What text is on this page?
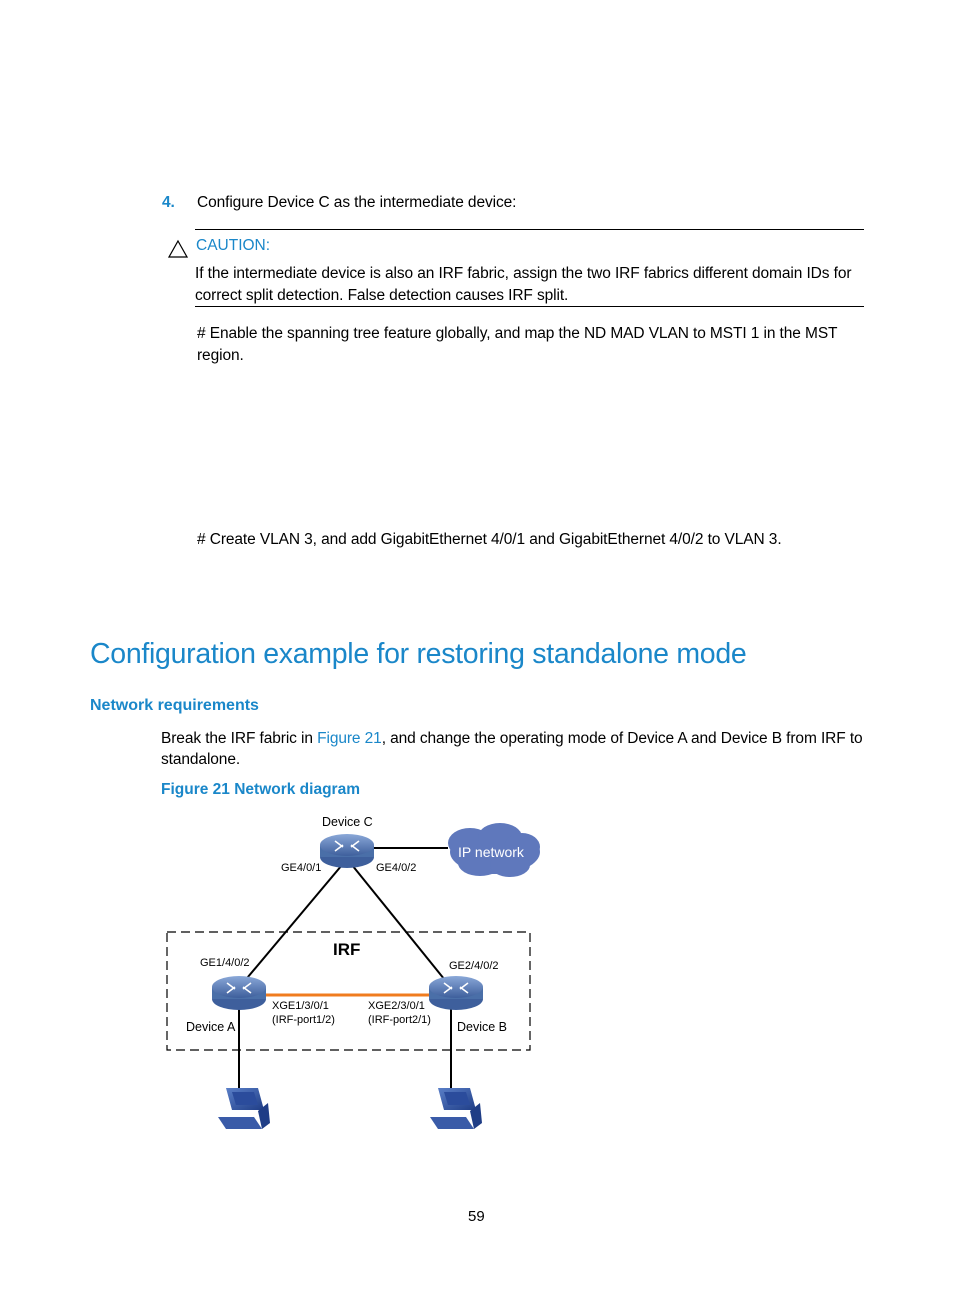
4. Configure Device C as the intermediate device:
CAUTION:
If the intermediate device is also an IRF fabric, assign the two IRF fabrics different domain IDs for
correct split detection. False detection causes IRF split.
# Enable the spanning tree feature globally, and map the ND MAD VLAN to MSTI 1 in the MST
region.
# Create VLAN 3, and add GigabitEthernet 4/0/1 and GigabitEthernet 4/0/2 to VLAN 3.
Configuration example for restoring standalone mode
Network requirements
Break the IRF fabric in Figure 21, and change the operating mode of Device A and Device B from IRF to
standalone.
Figure 21 Network diagram
IP network
Device C
GE4/0/1	GE4/0/2
IRF
GE1/4/0/2
Device A
XGE1/3/0/1
(IRF-port1/2)
GE2/4/0/2
Device B
XGE2/3/0/1
(IRF-port2/1)
59
